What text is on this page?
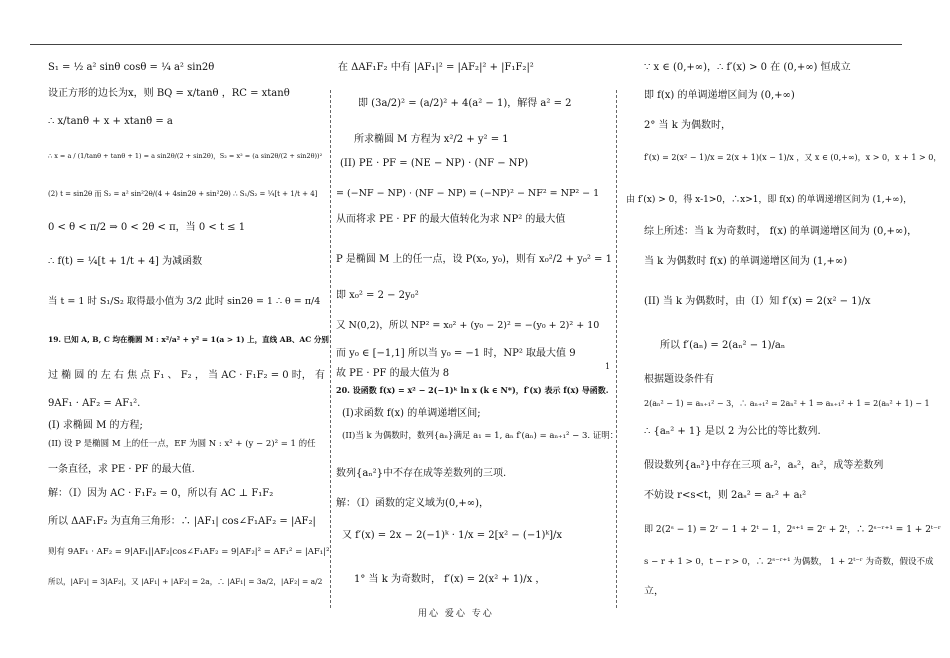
1
S₁ = ½ a² sinθ cosθ = ¼ a² sin2θ
设正方形的边长为x，则 BQ = x/tanθ ，RC = xtanθ
∴ x/tanθ + x + xtanθ = a
∴ x = a / (1/tanθ + tanθ + 1) = a sin2θ/(2 + sin2θ)，S₂ = x² = (a sin2θ/(2 + sin2θ))²
(2) t = sin2θ 而 S₂ = a² sin²2θ/(4 + 4sin2θ + sin²2θ) ∴ S₁/S₂ = ¼[t + 1/t + 4]
0 < θ < π/2 ⇒ 0 < 2θ < π，当 0 < t ≤ 1
∴ f(t) = ¼[t + 1/t + 4] 为减函数
当 t = 1 时 S₁/S₂ 取得最小值为 3/2 此时 sin2θ = 1 ∴ θ = π/4
19. 已知 A, B, C 均在椭圆 M : x²/a² + y² = 1(a > 1) 上，直线 AB、AC 分别
过 椭 圆 的 左 右 焦 点 F₁ 、 F₂ ， 当 AC · F₁F₂ = 0 时， 有
9AF₁ · AF₂ = AF₁².
(I) 求椭圆 M 的方程;
(II) 设 P 是椭圆 M 上的任一点，EF 为圆 N : x² + (y − 2)² = 1 的任
一条直径，求 PE · PF 的最大值.
解：（I）因为 AC · F₁F₂ = 0，所以有 AC ⊥ F₁F₂
所以 ΔAF₁F₂ 为直角三角形：∴ |AF₁| cos∠F₁AF₂ = |AF₂|
则有 9AF₁ · AF₂ = 9|AF₁||AF₂|cos∠F₁AF₂ = 9|AF₂|² = AF₁² = |AF₁|²
所以，|AF₁| = 3|AF₂|，又 |AF₁| + |AF₂| = 2a，∴ |AF₁| = 3a/2，|AF₂| = a/2
在 ΔAF₁F₂ 中有 |AF₁|² = |AF₂|² + |F₁F₂|²
即 (3a/2)² = (a/2)² + 4(a² − 1)，解得 a² = 2
所求椭圆 M 方程为 x²/2 + y² = 1
(II) PE · PF = (NE − NP) · (NF − NP)
= (−NF − NP) · (NF − NP) = (−NP)² − NF² = NP² − 1
从而将求 PE · PF 的最大值转化为求 NP² 的最大值
P 是椭圆 M 上的任一点，设 P(x₀, y₀)，则有 x₀²/2 + y₀² = 1
即 x₀² = 2 − 2y₀²
又 N(0,2)，所以 NP² = x₀² + (y₀ − 2)² = −(y₀ + 2)² + 10
而 y₀ ∈ [−1,1] 所以当 y₀ = −1 时，NP² 取最大值 9
故 PE · PF 的最大值为 8
20. 设函数 f(x) = x² − 2(−1)ᵏ ln x (k ∈ N*)，f′(x) 表示 f(x) 导函数.
(I)求函数 f(x) 的单调递增区间;
(II)当 k 为偶数时，数列{aₙ}满足 a₁ = 1, aₙ f′(aₙ) = aₙ₊₁² − 3. 证明：
数列{aₙ²}中不存在成等差数列的三项.
解：（I）函数的定义域为(0,+∞)，
又 f′(x) = 2x − 2(−1)ᵏ · 1/x = 2[x² − (−1)ᵏ]/x
1° 当 k 为奇数时， f′(x) = 2(x² + 1)/x ，
∵ x ∈ (0,+∞)，∴ f′(x) > 0 在 (0,+∞) 恒成立
即 f(x) 的单调递增区间为 (0,+∞)
2° 当 k 为偶数时，
f′(x) = 2(x² − 1)/x = 2(x + 1)(x − 1)/x ，又 x ∈ (0,+∞)，x > 0，x + 1 > 0，
由 f′(x) > 0，得 x-1>0，∴x>1，即 f(x) 的单调递增区间为 (1,+∞)，
综上所述：当 k 为奇数时， f(x) 的单调递增区间为 (0,+∞)，
当 k 为偶数时 f(x) 的单调递增区间为 (1,+∞)
(II) 当 k 为偶数时，由（I）知 f′(x) = 2(x² − 1)/x
所以 f′(aₙ) = 2(aₙ² − 1)/aₙ
根据题设条件有
2(aₙ² − 1) = aₙ₊₁² − 3，∴ aₙ₊₁² = 2aₙ² + 1 ⇒ aₙ₊₁² + 1 = 2(aₙ² + 1) − 1
∴ {aₙ² + 1} 是以 2 为公比的等比数列.
假设数列{aₙ²}中存在三项 aᵣ²，aₛ²，aₜ²，成等差数列
不妨设 r<s<t，则 2aₛ² = aᵣ² + aₜ²
即 2(2ˢ − 1) = 2ʳ − 1 + 2ᵗ − 1，2ˢ⁺¹ = 2ʳ + 2ᵗ，∴ 2ˢ⁻ʳ⁺¹ = 1 + 2ᵗ⁻ʳ
s − r + 1 > 0，t − r > 0，∴ 2ˢ⁻ʳ⁺¹ 为偶数， 1 + 2ᵗ⁻ʳ 为奇数，假设不成
立，
用心 爱心 专心
